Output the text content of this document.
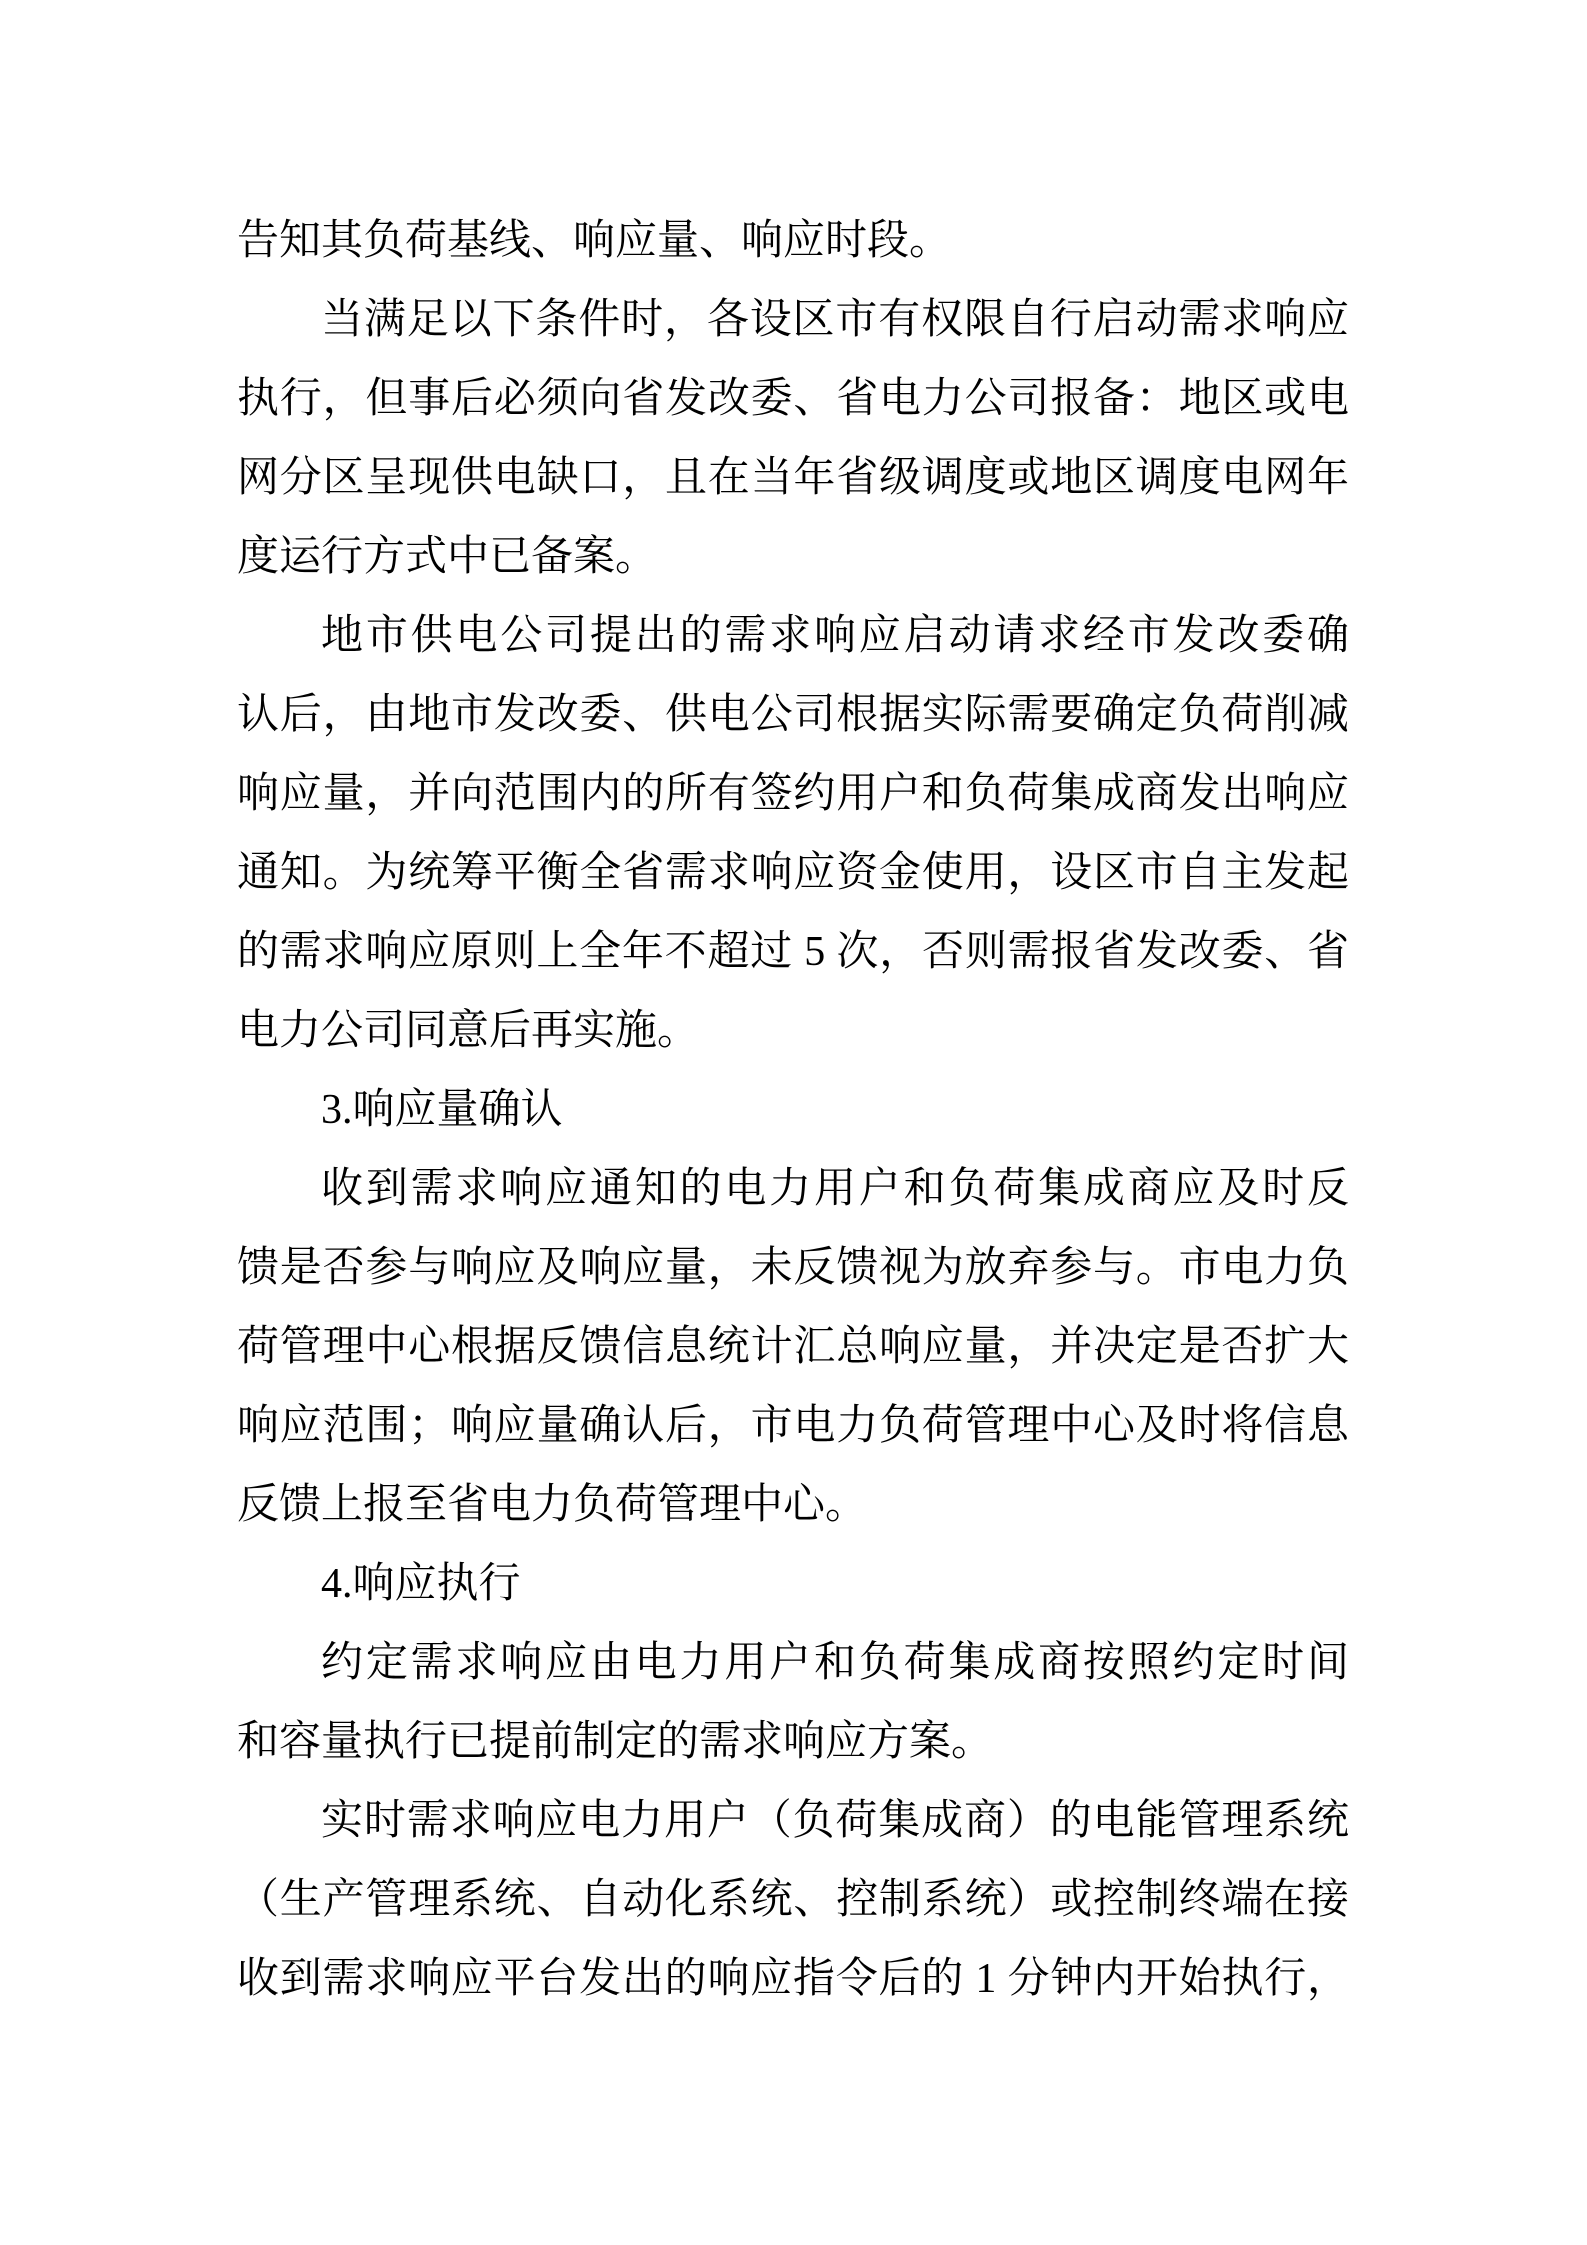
告知其负荷基线、响应量、响应时段。
当满足以下条件时，各设区市有权限自行启动需求响应
执行，但事后必须向省发改委、省电力公司报备：地区或电
网分区呈现供电缺口，且在当年省级调度或地区调度电网年
度运行方式中已备案。
地市供电公司提出的需求响应启动请求经市发改委确
认后，由地市发改委、供电公司根据实际需要确定负荷削减
响应量，并向范围内的所有签约用户和负荷集成商发出响应
通知。为统筹平衡全省需求响应资金使用，设区市自主发起
的需求响应原则上全年不超过 5 次，否则需报省发改委、省
电力公司同意后再实施。
3.响应量确认
收到需求响应通知的电力用户和负荷集成商应及时反
馈是否参与响应及响应量，未反馈视为放弃参与。市电力负
荷管理中心根据反馈信息统计汇总响应量，并决定是否扩大
响应范围；响应量确认后，市电力负荷管理中心及时将信息
反馈上报至省电力负荷管理中心。
4.响应执行
约定需求响应由电力用户和负荷集成商按照约定时间
和容量执行已提前制定的需求响应方案。
实时需求响应电力用户（负荷集成商）的电能管理系统
（生产管理系统、自动化系统、控制系统）或控制终端在接
收到需求响应平台发出的响应指令后的 1 分钟内开始执行，
